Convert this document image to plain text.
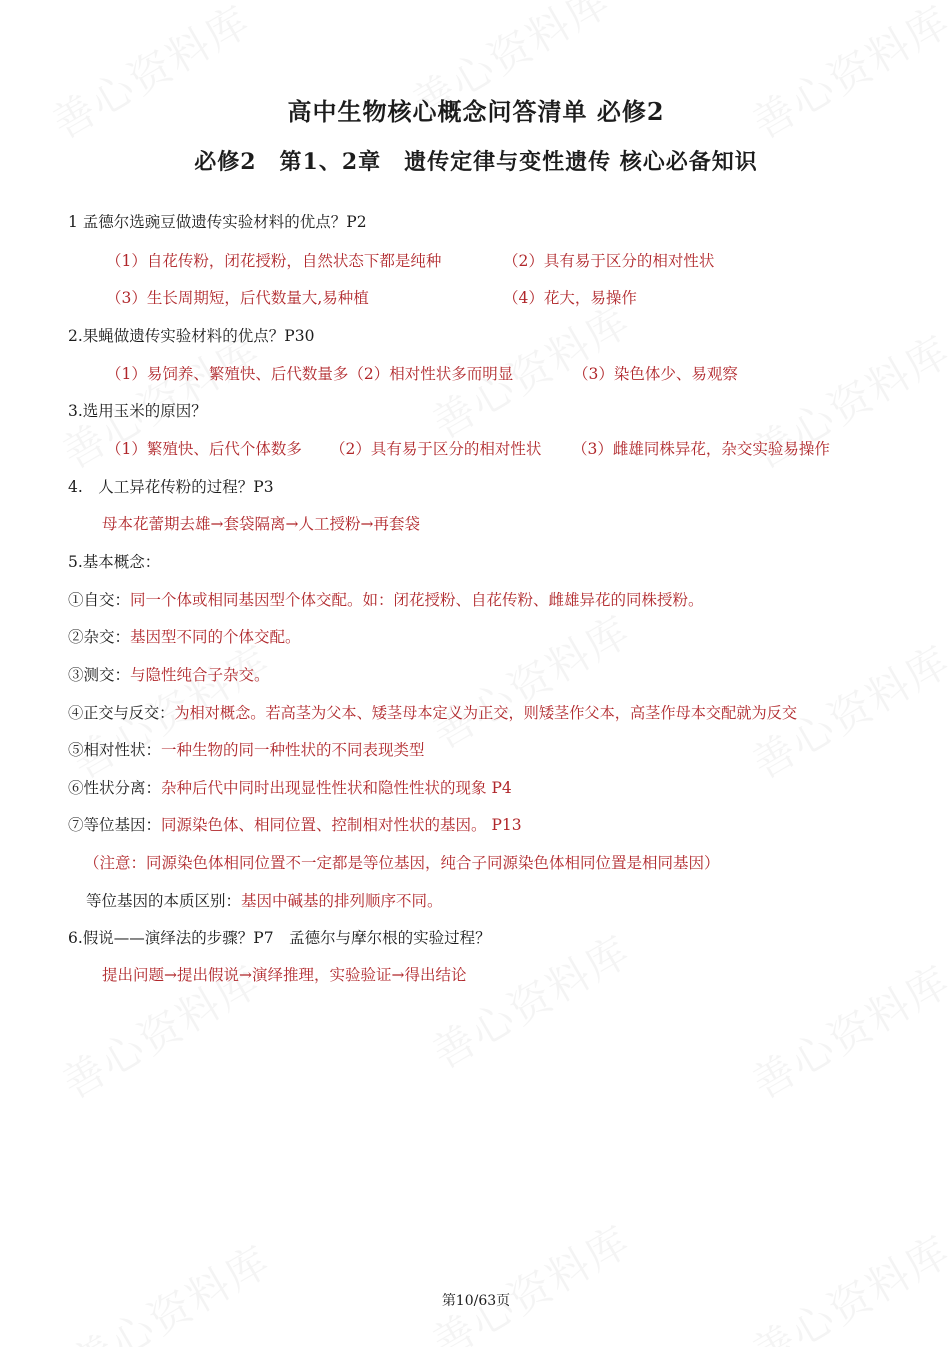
高中生物核心概念问答清单 必修2
必修2　第1、2章　遗传定律与变性遗传 核心必备知识
1 孟德尔选豌豆做遗传实验材料的优点？P2
（1）自花传粉，闭花授粉，自然状态下都是纯种	（2）具有易于区分的相对性状
（3）生长周期短，后代数量大,易种植	（4）花大，易操作
2.果蝇做遗传实验材料的优点？P30
（1）易饲养、繁殖快、后代数量多（2）相对性状多而明显	（3）染色体少、易观察
3.选用玉米的原因？
（1）繁殖快、后代个体数多 （2）具有易于区分的相对性状 （3）雌雄同株异花，杂交实验易操作
4.　人工异花传粉的过程？P3
母本花蕾期去雄→套袋隔离→人工授粉→再套袋
5.基本概念：
①自交：同一个体或相同基因型个体交配。如：闭花授粉、自花传粉、雌雄异花的同株授粉。
②杂交：基因型不同的个体交配。
③测交：与隐性纯合子杂交。
④正交与反交：为相对概念。若高茎为父本、矮茎母本定义为正交，则矮茎作父本，高茎作母本交配就为反交
⑤相对性状：一种生物的同一种性状的不同表现类型
⑥性状分离：杂种后代中同时出现显性性状和隐性性状的现象 P4
⑦等位基因：同源染色体、相同位置、控制相对性状的基因。 P13
（注意：同源染色体相同位置不一定都是等位基因，纯合子同源染色体相同位置是相同基因）
等位基因的本质区别：基因中碱基的排列顺序不同。
6.假说——演绎法的步骤？P7　孟德尔与摩尔根的实验过程？
提出问题→提出假说→演绎推理，实验验证→得出结论
第10/63页
